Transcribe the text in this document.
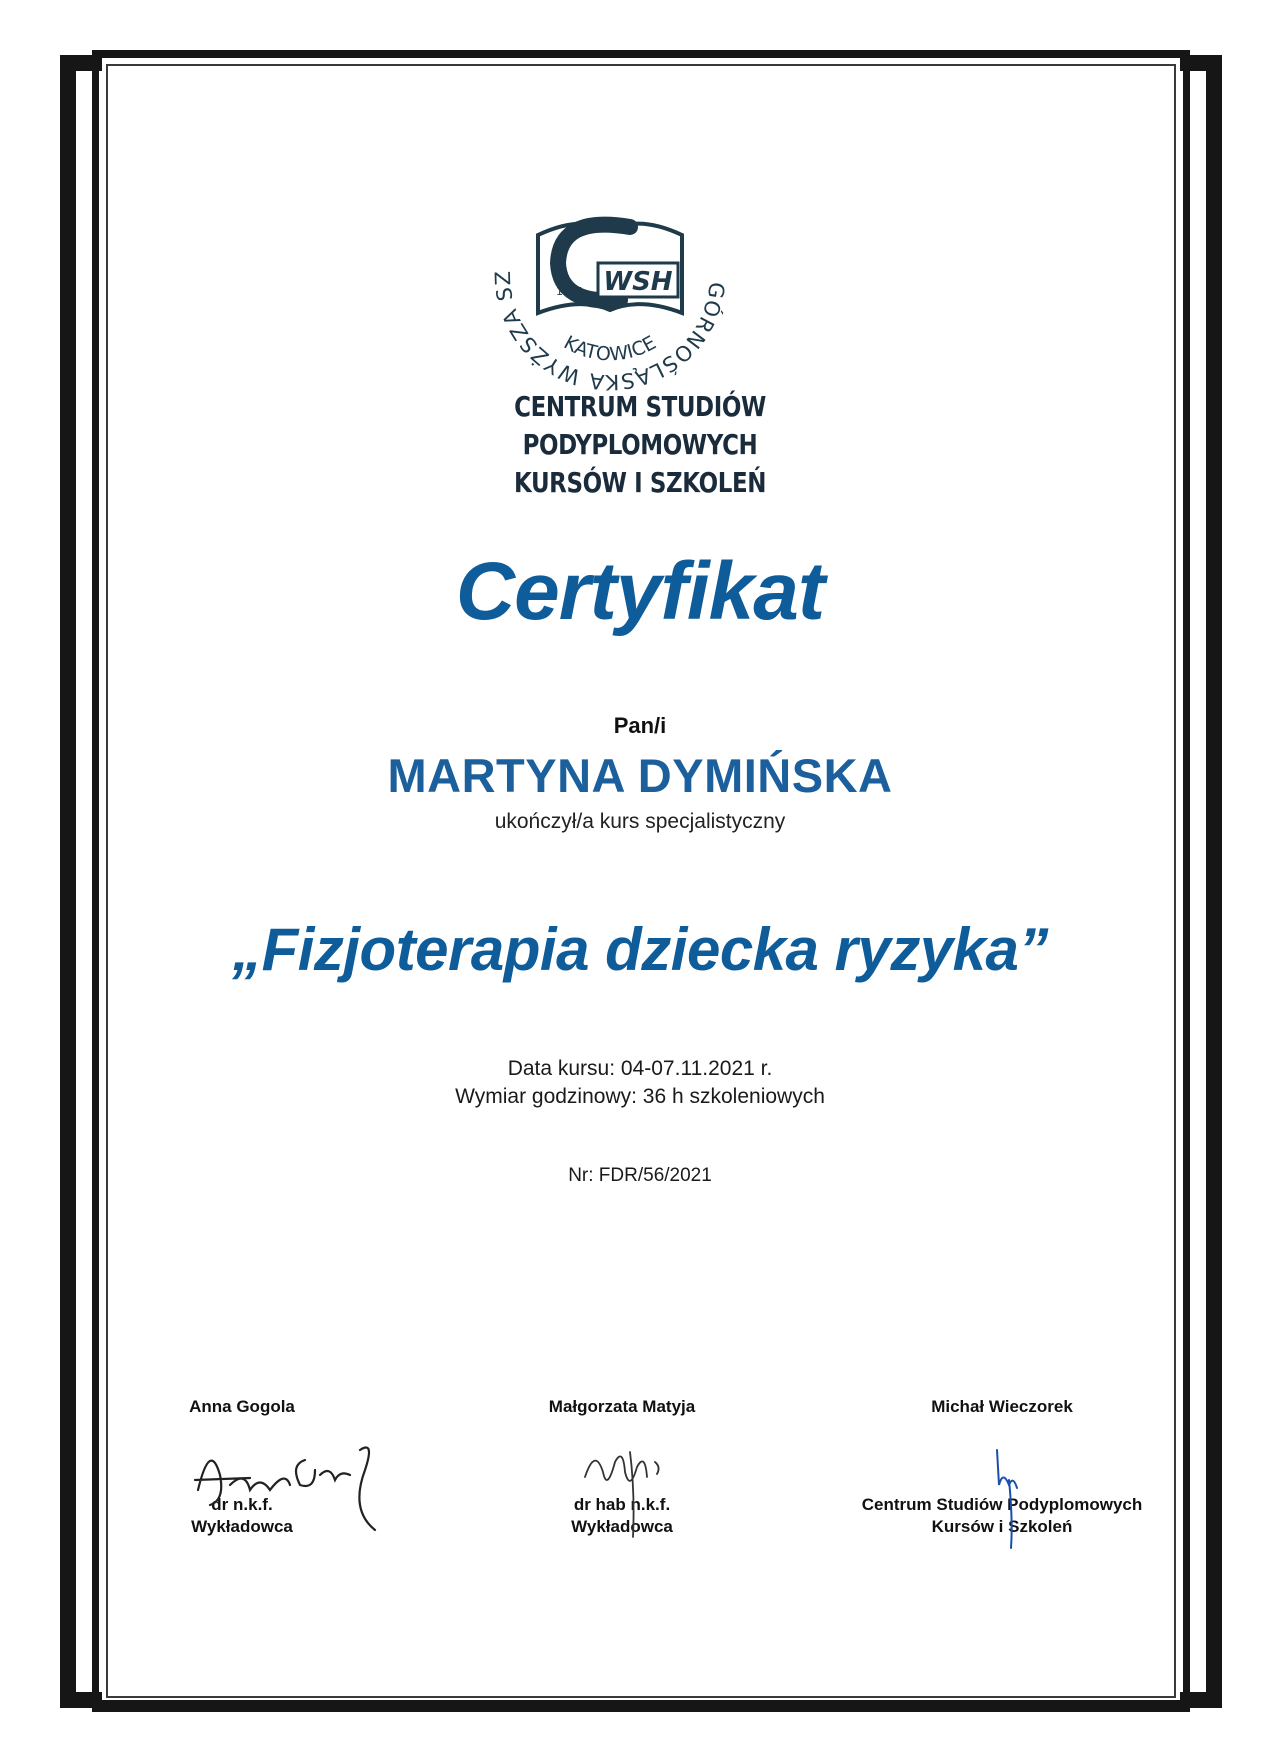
GÓRNOŚLĄSKA WYŻSZA SZ
KATOWICE
WSH
1991
CENTRUM STUDIÓW
PODYPLOMOWYCH
KURSÓW I SZKOLEŃ
Certyfikat
Pan/i
MARTYNA DYMIŃSKA
ukończył/a kurs specjalistyczny
„Fizjoterapia dziecka ryzyka”
Data kursu: 04-07.11.2021 r.
Wymiar godzinowy: 36 h szkoleniowych
Nr: FDR/56/2021
Anna Gogola
dr n.k.f.
Wykładowca
Małgorzata Matyja
dr hab n.k.f.
Wykładowca
Michał Wieczorek
Centrum Studiów Podyplomowych
Kursów i Szkoleń
